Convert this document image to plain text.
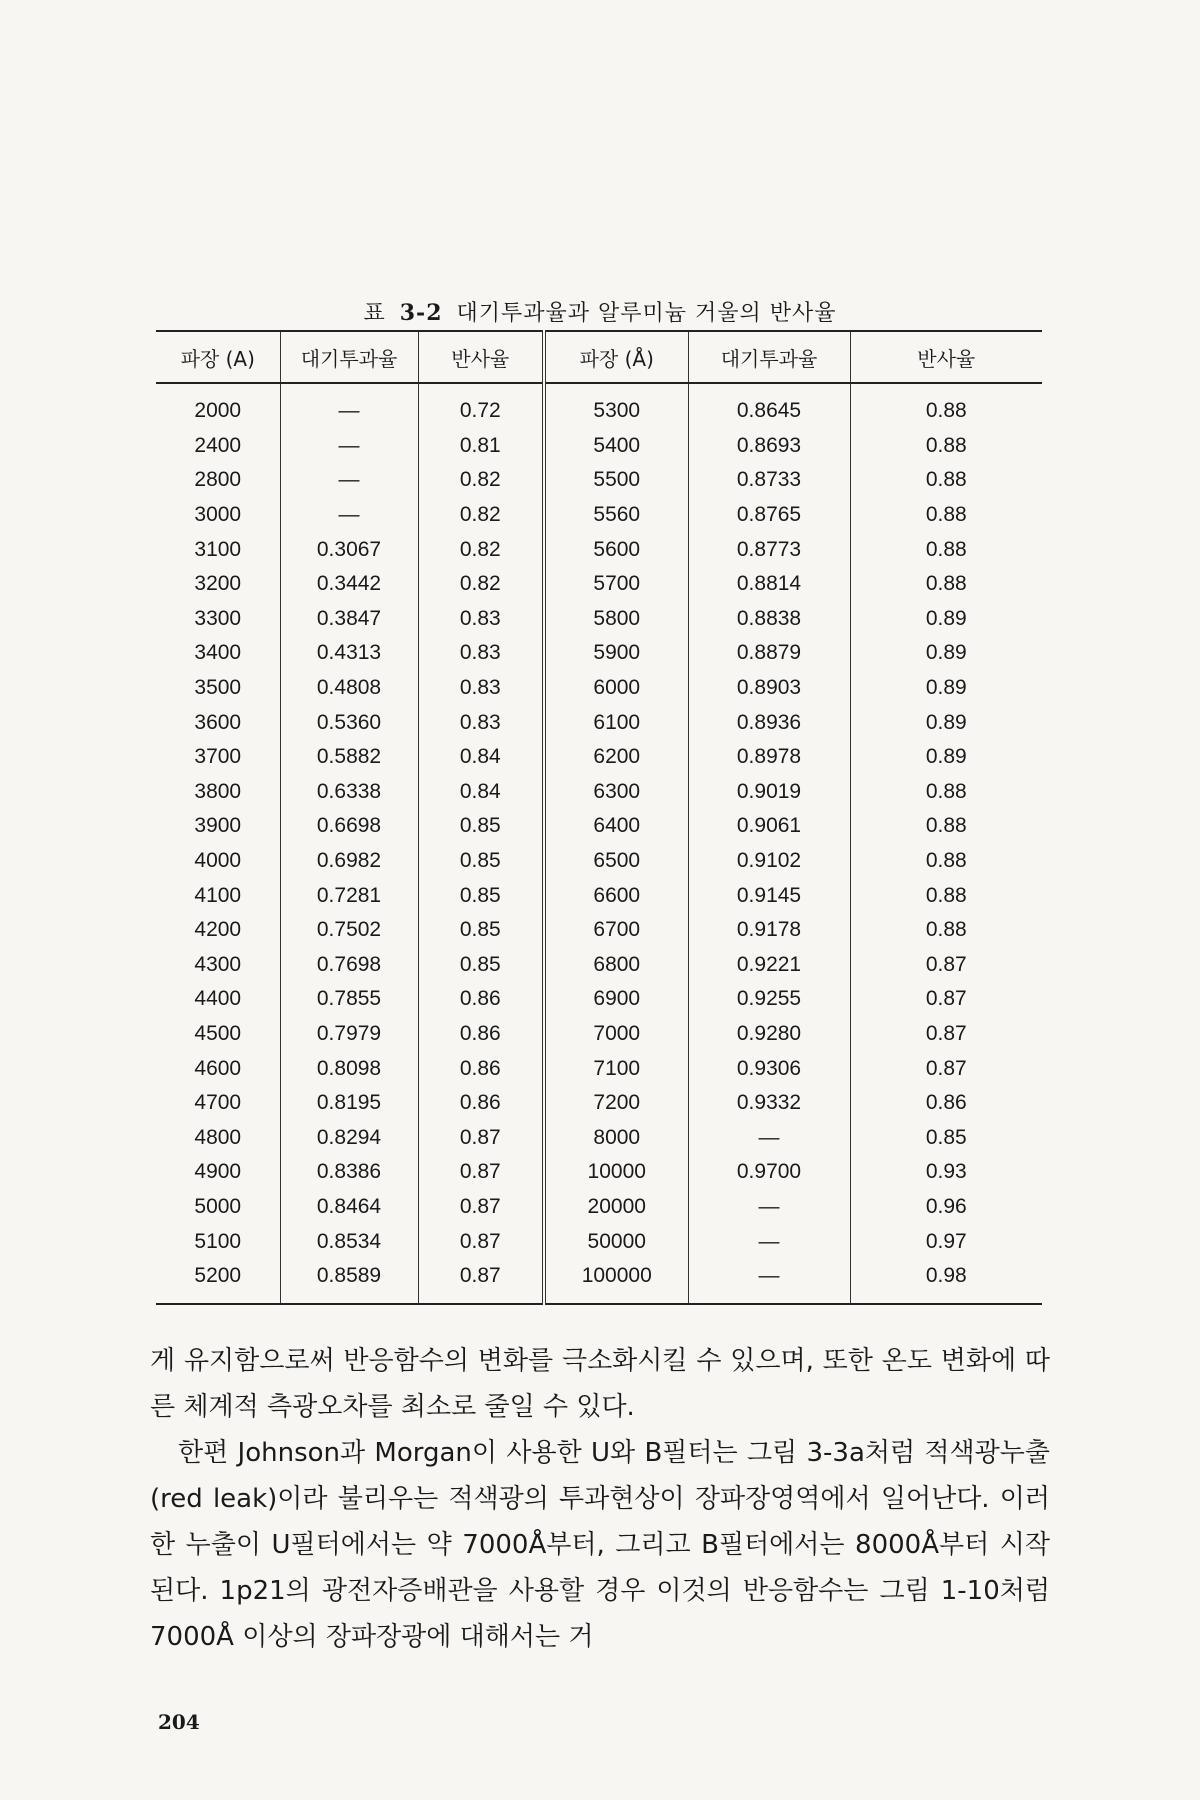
표 3-2 대기투과율과 알루미늄 거울의 반사율
파장 (A)	대기투과율	반사율	파장 (Å)	대기투과율	반사율
2000	—	0.72	5300	0.8645	0.88
2400	—	0.81	5400	0.8693	0.88
2800	—	0.82	5500	0.8733	0.88
3000	—	0.82	5560	0.8765	0.88
3100	0.3067	0.82	5600	0.8773	0.88
3200	0.3442	0.82	5700	0.8814	0.88
3300	0.3847	0.83	5800	0.8838	0.89
3400	0.4313	0.83	5900	0.8879	0.89
3500	0.4808	0.83	6000	0.8903	0.89
3600	0.5360	0.83	6100	0.8936	0.89
3700	0.5882	0.84	6200	0.8978	0.89
3800	0.6338	0.84	6300	0.9019	0.88
3900	0.6698	0.85	6400	0.9061	0.88
4000	0.6982	0.85	6500	0.9102	0.88
4100	0.7281	0.85	6600	0.9145	0.88
4200	0.7502	0.85	6700	0.9178	0.88
4300	0.7698	0.85	6800	0.9221	0.87
4400	0.7855	0.86	6900	0.9255	0.87
4500	0.7979	0.86	7000	0.9280	0.87
4600	0.8098	0.86	7100	0.9306	0.87
4700	0.8195	0.86	7200	0.9332	0.86
4800	0.8294	0.87	8000	—	0.85
4900	0.8386	0.87	10000	0.9700	0.93
5000	0.8464	0.87	20000	—	0.96
5100	0.8534	0.87	50000	—	0.97
5200	0.8589	0.87	100000	—	0.98

게 유지함으로써 반응함수의 변화를 극소화시킬 수 있으며, 또한 온도 변화에 따른 체계적 측광오차를 최소로 줄일 수 있다.

한편 Johnson과 Morgan이 사용한 U와 B필터는 그림 3-3a처럼 적색광누출(red leak)이라 불리우는 적색광의 투과현상이 장파장영역에서 일어난다. 이러한 누출이 U필터에서는 약 7000Å부터, 그리고 B필터에서는 8000Å부터 시작된다. 1p21의 광전자증배관을 사용할 경우 이것의 반응함수는 그림 1-10처럼 7000Å 이상의 장파장광에 대해서는 거

204
